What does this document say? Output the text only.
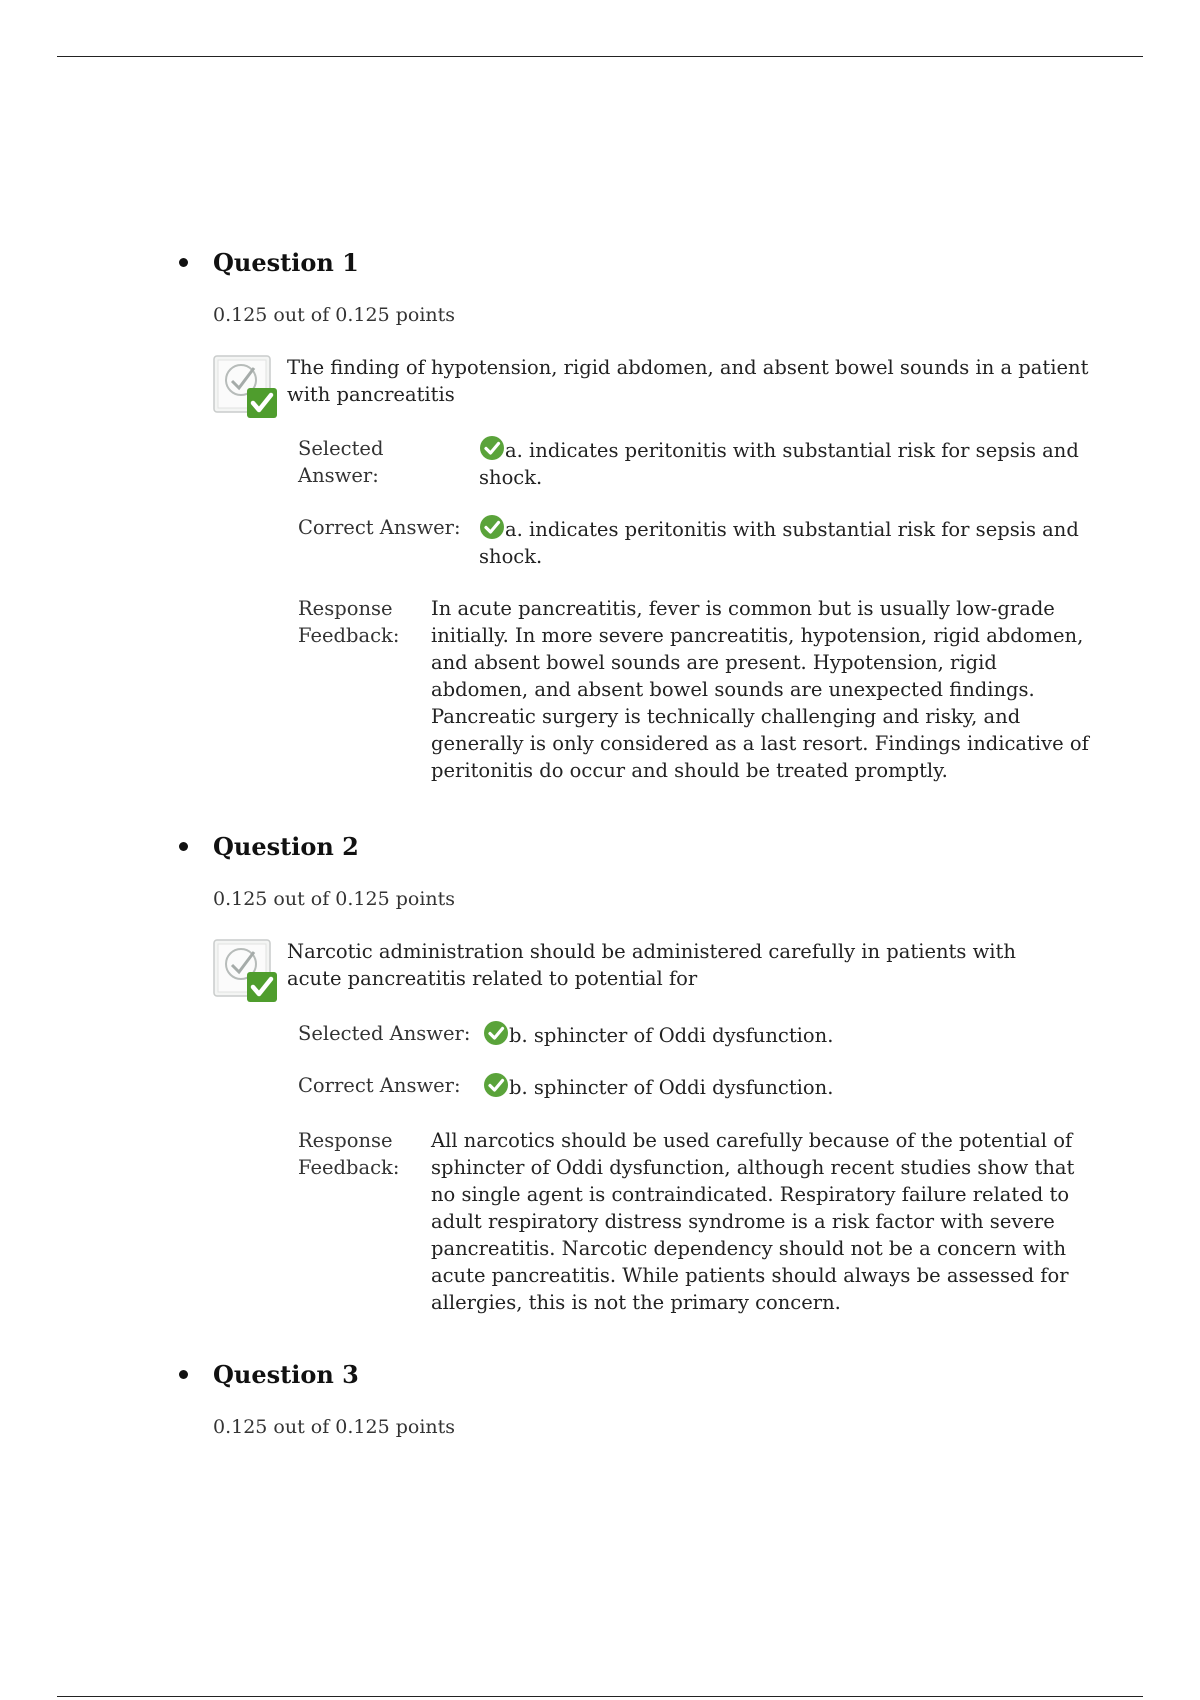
Question 1
0.125 out of 0.125 points
The finding of hypotension, rigid abdomen, and absent bowel sounds in a patient with pancreatitis
Selected
Answer:
a. indicates peritonitis with substantial risk for sepsis and shock.
Correct Answer:	a. indicates peritonitis with substantial risk for sepsis and shock.
Response
Feedback:
In acute pancreatitis, fever is common but is usually low-grade initially. In more severe pancreatitis, hypotension, rigid abdomen, and absent bowel sounds are present. Hypotension, rigid abdomen, and absent bowel sounds are unexpected findings. Pancreatic surgery is technically challenging and risky, and generally is only considered as a last resort. Findings indicative of peritonitis do occur and should be treated promptly.
Question 2
0.125 out of 0.125 points
Narcotic administration should be administered carefully in patients with acute pancreatitis related to potential for
Selected Answer:	b. sphincter of Oddi dysfunction.
Correct Answer:	b. sphincter of Oddi dysfunction.
Response
Feedback:
All narcotics should be used carefully because of the potential of sphincter of Oddi dysfunction, although recent studies show that no single agent is contraindicated. Respiratory failure related to adult respiratory distress syndrome is a risk factor with severe pancreatitis. Narcotic dependency should not be a concern with acute pancreatitis. While patients should always be assessed for allergies, this is not the primary concern.
Question 3
0.125 out of 0.125 points
